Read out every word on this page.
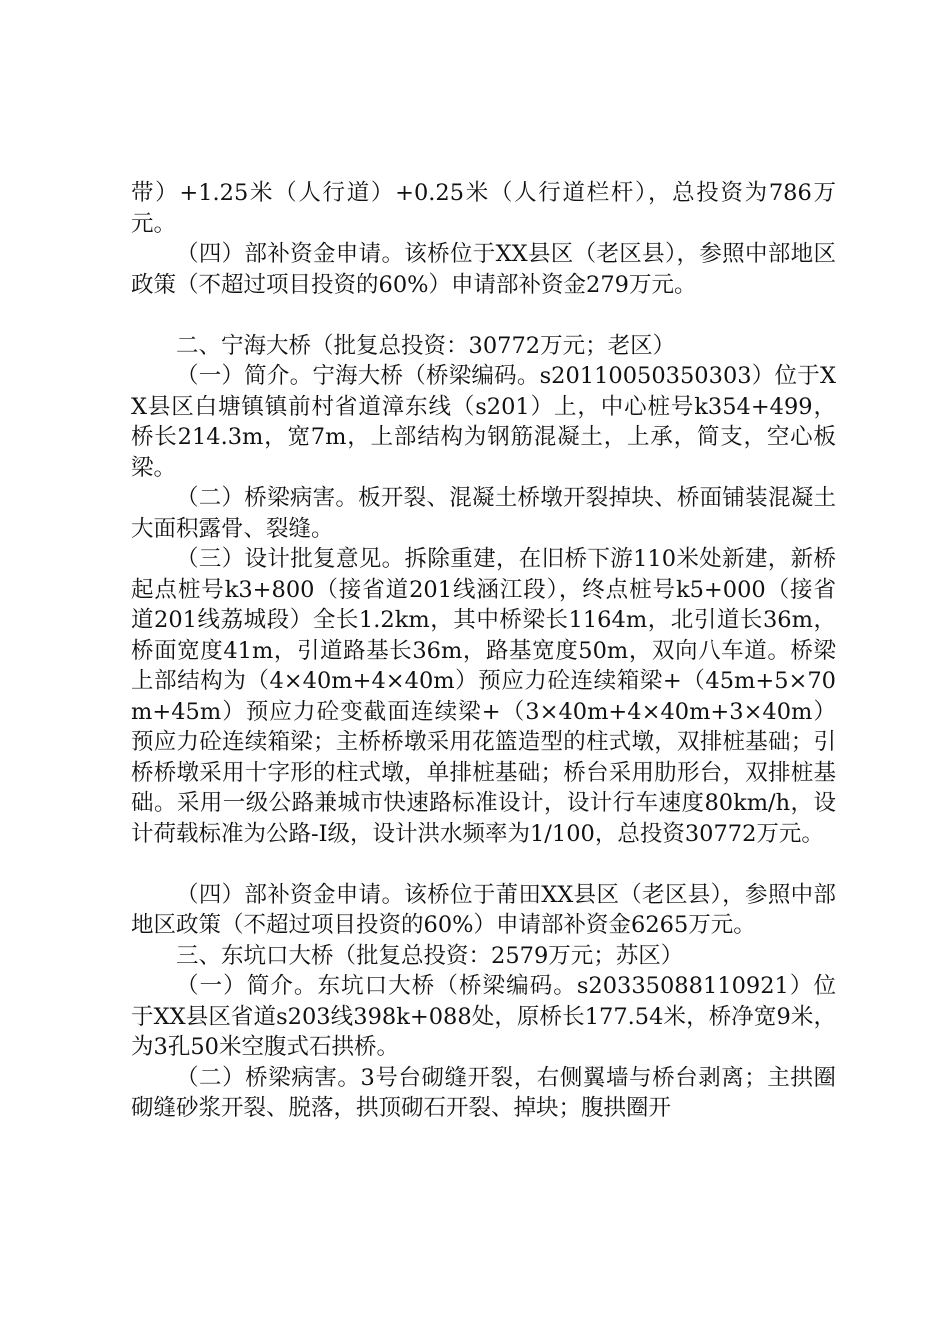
带）+1.25米（人行道）+0.25米（人行道栏杆），总投资为786万元。

（四）部补资金申请。该桥位于XX县区（老区县），参照中部地区政策（不超过项目投资的60%）申请部补资金279万元。

二、宁海大桥（批复总投资：30772万元；老区）

（一）简介。宁海大桥（桥梁编码。s20110050350303）位于XX县区白塘镇镇前村省道漳东线（s201）上，中心桩号k354+499，桥长214.3m，宽7m，上部结构为钢筋混凝土，上承，简支，空心板梁。

（二）桥梁病害。板开裂、混凝土桥墩开裂掉块、桥面铺装混凝土大面积露骨、裂缝。

（三）设计批复意见。拆除重建，在旧桥下游110米处新建，新桥起点桩号k3+800（接省道201线涵江段），终点桩号k5+000（接省道201线荔城段）全长1.2km，其中桥梁长1164m，北引道长36m，桥面宽度41m，引道路基长36m，路基宽度50m，双向八车道。桥梁上部结构为（4×40m+4×40m）预应力砼连续箱梁+（45m+5×70m+45m）预应力砼变截面连续梁+（3×40m+4×40m+3×40m）预应力砼连续箱梁；主桥桥墩采用花篮造型的柱式墩，双排桩基础；引桥桥墩采用十字形的柱式墩，单排桩基础；桥台采用肋形台，双排桩基础。采用一级公路兼城市快速路标准设计，设计行车速度80km/h，设计荷载标准为公路-Ⅰ级，设计洪水频率为1/100，总投资30772万元。

（四）部补资金申请。该桥位于莆田XX县区（老区县），参照中部地区政策（不超过项目投资的60%）申请部补资金6265万元。

三、东坑口大桥（批复总投资：2579万元；苏区）

（一）简介。东坑口大桥（桥梁编码。s20335088110921）位于XX县区省道s203线398k+088处，原桥长177.54米，桥净宽9米，为3孔50米空腹式石拱桥。

（二）桥梁病害。3号台砌缝开裂，右侧翼墙与桥台剥离；主拱圈砌缝砂浆开裂、脱落，拱顶砌石开裂、掉块；腹拱圈开
